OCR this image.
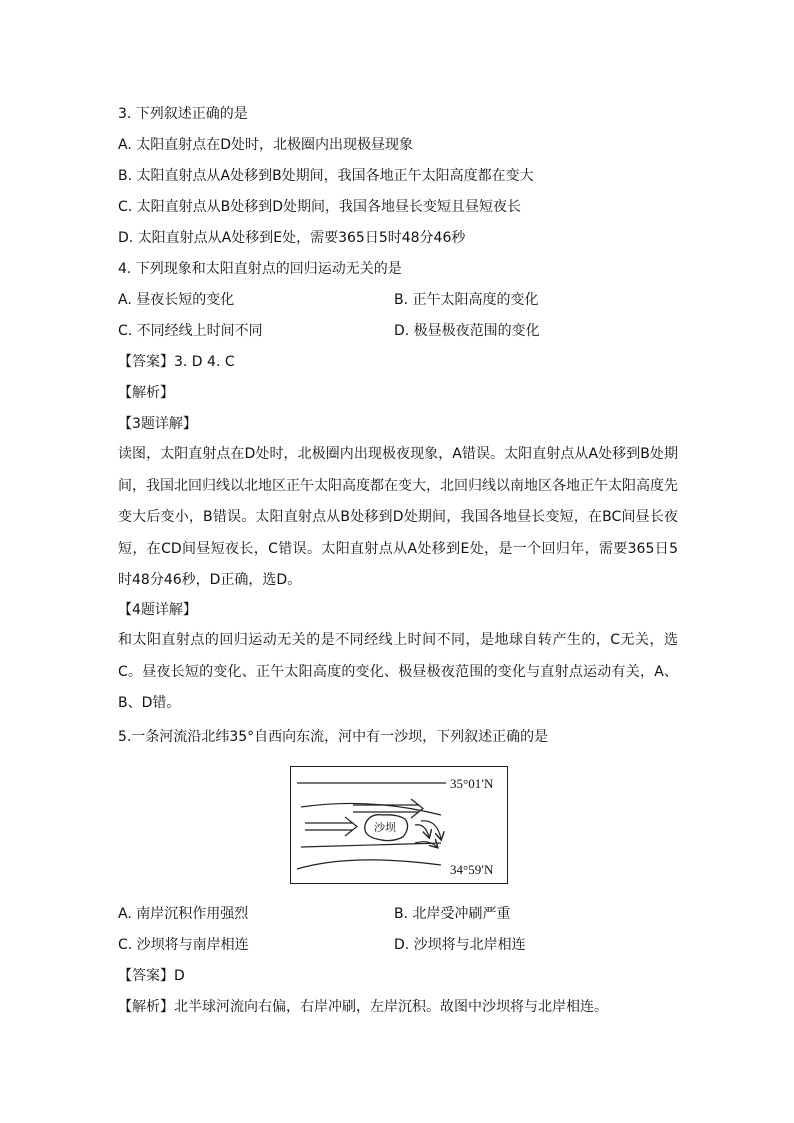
3. 下列叙述正确的是
A. 太阳直射点在D处时，北极圈内出现极昼现象
B. 太阳直射点从A处移到B处期间，我国各地正午太阳高度都在变大
C. 太阳直射点从B处移到D处期间，我国各地昼长变短且昼短夜长
D. 太阳直射点从A处移到E处，需要365日5时48分46秒
4. 下列现象和太阳直射点的回归运动无关的是
A. 昼夜长短的变化	B. 正午太阳高度的变化
C. 不同经线上时间不同	D. 极昼极夜范围的变化
【答案】3. D 4. C
【解析】
【3题详解】
读图，太阳直射点在D处时，北极圈内出现极夜现象，A错误。太阳直射点从A处移到B处期间，我国北回归线以北地区正午太阳高度都在变大，北回归线以南地区各地正午太阳高度先变大后变小，B错误。太阳直射点从B处移到D处期间，我国各地昼长变短，在BC间昼长夜短，在CD间昼短夜长，C错误。太阳直射点从A处移到E处，是一个回归年，需要365日5时48分46秒，D正确，选D。
【4题详解】
和太阳直射点的回归运动无关的是不同经线上时间不同，是地球自转产生的，C无关，选C。昼夜长短的变化、正午太阳高度的变化、极昼极夜范围的变化与直射点运动有关，A、B、D错。
5.一条河流沿北纬35°自西向东流，河中有一沙坝，下列叙述正确的是
沙坝
35°01′N
34°59′N
A. 南岸沉积作用强烈	B. 北岸受冲刷严重
C. 沙坝将与南岸相连	D. 沙坝将与北岸相连
【答案】D
【解析】北半球河流向右偏，右岸冲刷，左岸沉积。故图中沙坝将与北岸相连。
